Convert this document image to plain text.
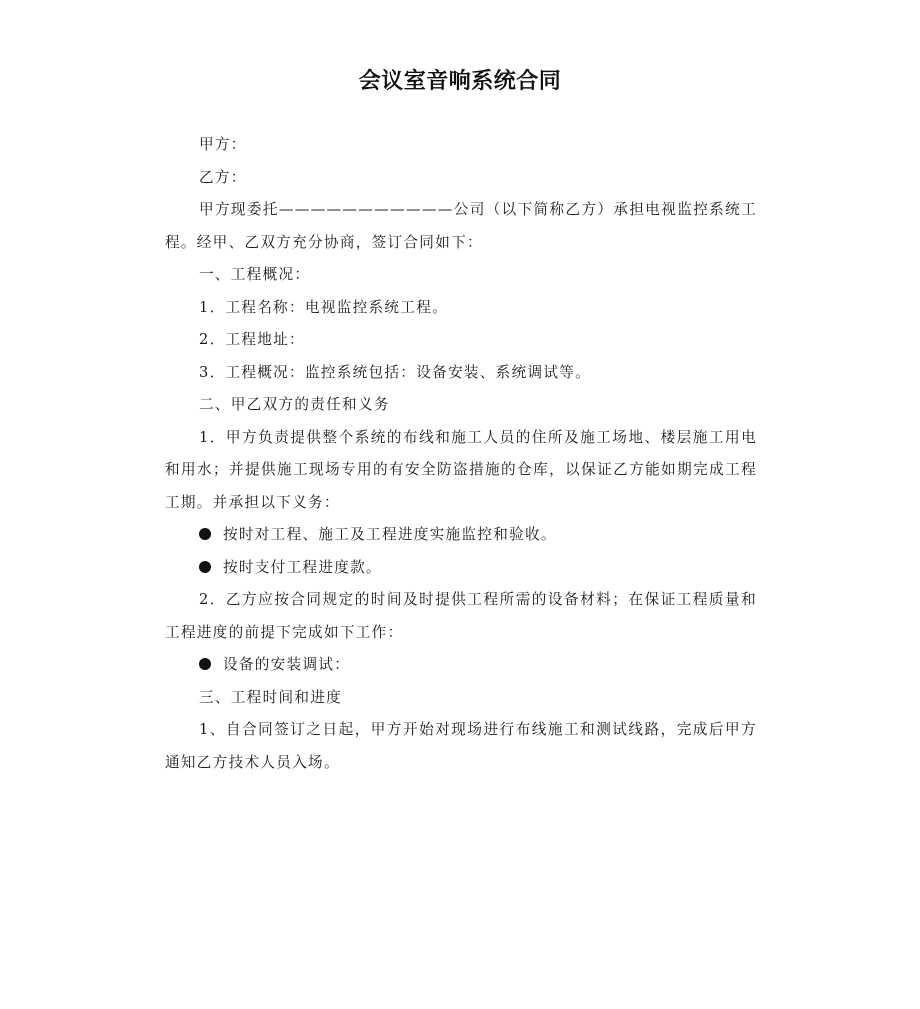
会议室音响系统合同

甲方：

乙方：

甲方现委托———————————公司（以下简称乙方）承担电视监控系统工程。经甲、乙双方充分协商，签订合同如下：

一、工程概况：

1．工程名称：电视监控系统工程。

2．工程地址：

3．工程概况：监控系统包括：设备安装、系统调试等。

二、甲乙双方的责任和义务

1．甲方负责提供整个系统的布线和施工人员的住所及施工场地、楼层施工用电和用水；并提供施工现场专用的有安全防盗措施的仓库，以保证乙方能如期完成工程工期。并承担以下义务：

按时对工程、施工及工程进度实施监控和验收。

按时支付工程进度款。

2．乙方应按合同规定的时间及时提供工程所需的设备材料；在保证工程质量和工程进度的前提下完成如下工作：

设备的安装调试：

三、工程时间和进度

1、自合同签订之日起，甲方开始对现场进行布线施工和测试线路，完成后甲方通知乙方技术人员入场。
